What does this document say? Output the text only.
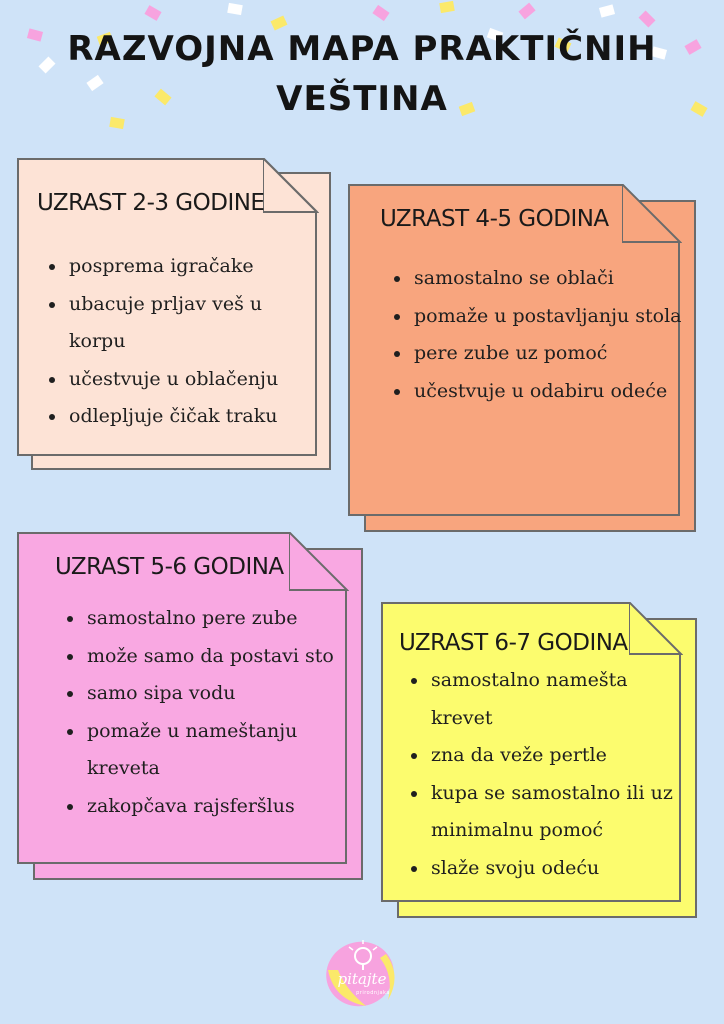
RAZVOJNA MAPA PRAKTIČNIH
VEŠTINA
UZRAST 2-3 GODINE
• posprema igračake
• ubacuje prljav veš u korpu
• učestvuje u oblačenju
• odlepljuje čičak traku
UZRAST 4-5 GODINA
• samostalno se oblači
• pomaže u postavljanju stola
• pere zube uz pomoć
• učestvuje u odabiru odeće
UZRAST 5-6 GODINA
• samostalno pere zube
• može samo da postavi sto
• samo sipa vodu
• pomaže u nameštanju kreveta
• zakopčava rajsferšlus
UZRAST 6-7 GODINA
• samostalno namešta krevet
• zna da veže pertle
• kupa se samostalno ili uz minimalnu pomoć
• slaže svoju odeću
pitajte
prirodnjaka
